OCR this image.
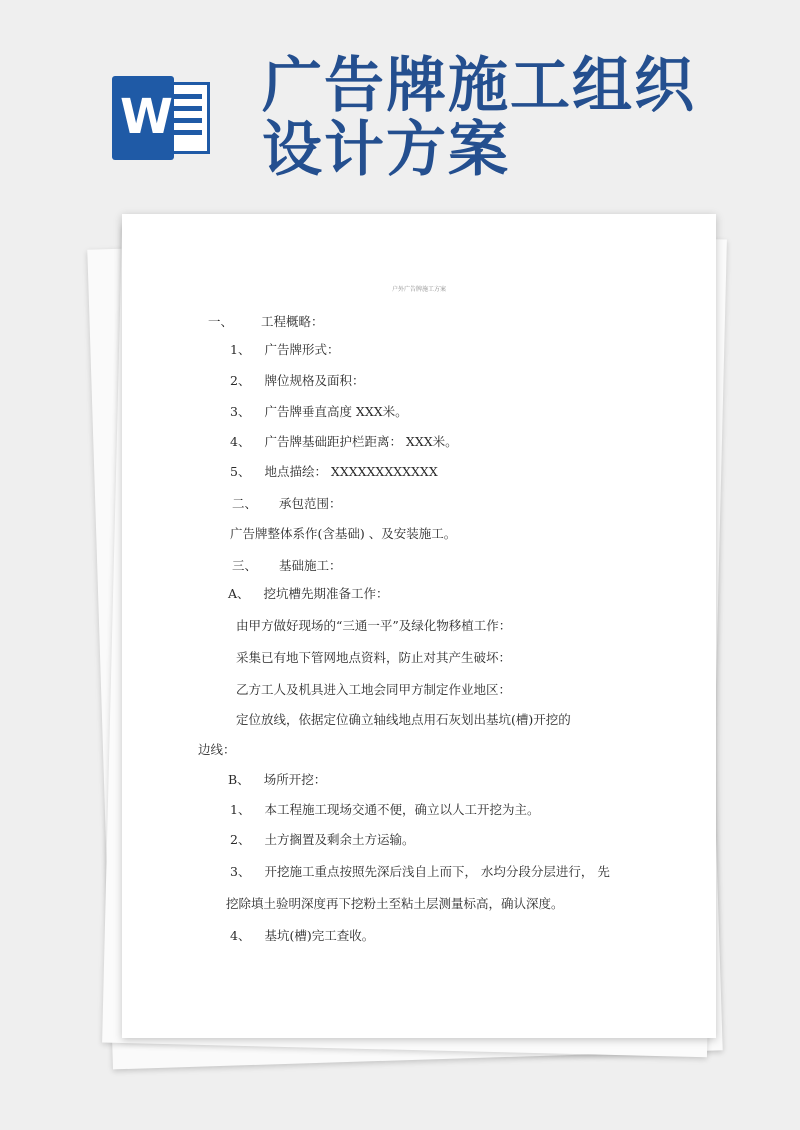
W 广告牌施工组织设计方案
户外广告牌施工方案
一、 工程概略：
1、 广告牌形式：
2、 牌位规格及面积：
3、 广告牌垂直高度 XXX米。
4、 广告牌基础距护栏距离： XXX米。
5、 地点描绘： XXXXXXXXXXXX
二、 承包范围：
广告牌整体系作(含基础) 、及安装施工。
三、 基础施工：
A、 挖坑槽先期准备工作：
由甲方做好现场的“三通一平”及绿化物移植工作：
采集已有地下管网地点资料，防止对其产生破坏：
乙方工人及机具进入工地会同甲方制定作业地区：
定位放线，依据定位确立轴线地点用石灰划出基坑(槽)开挖的
边线：
B、 场所开挖：
1、 本工程施工现场交通不便，确立以人工开挖为主。
2、 土方搁置及剩余土方运输。
3、 开挖施工重点按照先深后浅自上而下， 水均分段分层进行， 先
挖除填土验明深度再下挖粉土至粘土层测量标高，确认深度。
4、 基坑(槽)完工查收。
